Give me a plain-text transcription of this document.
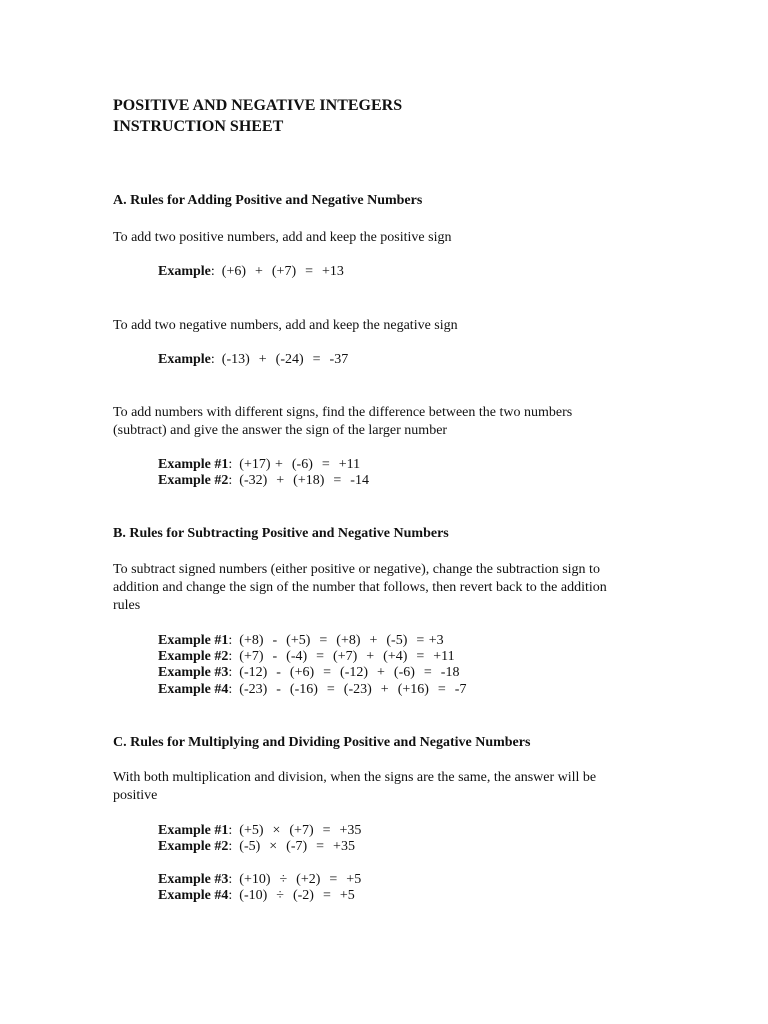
POSITIVE AND NEGATIVE INTEGERS
INSTRUCTION SHEET
A. Rules for Adding Positive and Negative Numbers
To add two positive numbers, add and keep the positive sign
Example: (+6)  +  (+7)  =  +13
To add two negative numbers, add and keep the negative sign
Example: (-13)  +  (-24)  =  -37
To add numbers with different signs, find the difference between the two numbers
(subtract) and give the answer the sign of the larger number
Example #1: (+17) +  (-6)  =  +11
Example #2: (-32)  +  (+18)  =  -14
B. Rules for Subtracting Positive and Negative Numbers
To subtract signed numbers (either positive or negative), change the subtraction sign to
addition and change the sign of the number that follows, then revert back to the addition
rules
Example #1: (+8)  -  (+5)  =  (+8)  +  (-5)  = +3
Example #2: (+7)  -  (-4)  =  (+7)  +  (+4)  =  +11
Example #3: (-12)  -  (+6)  =  (-12)  +  (-6)  =  -18
Example #4: (-23)  -  (-16)  =  (-23)  +  (+16)  =  -7
C. Rules for Multiplying and Dividing Positive and Negative Numbers
With both multiplication and division, when the signs are the same, the answer will be
positive
Example #1: (+5)  ×  (+7)  =  +35
Example #2: (-5)  ×  (-7)  =  +35
Example #3: (+10)  ÷  (+2)  =  +5
Example #4: (-10)  ÷  (-2)  =  +5
